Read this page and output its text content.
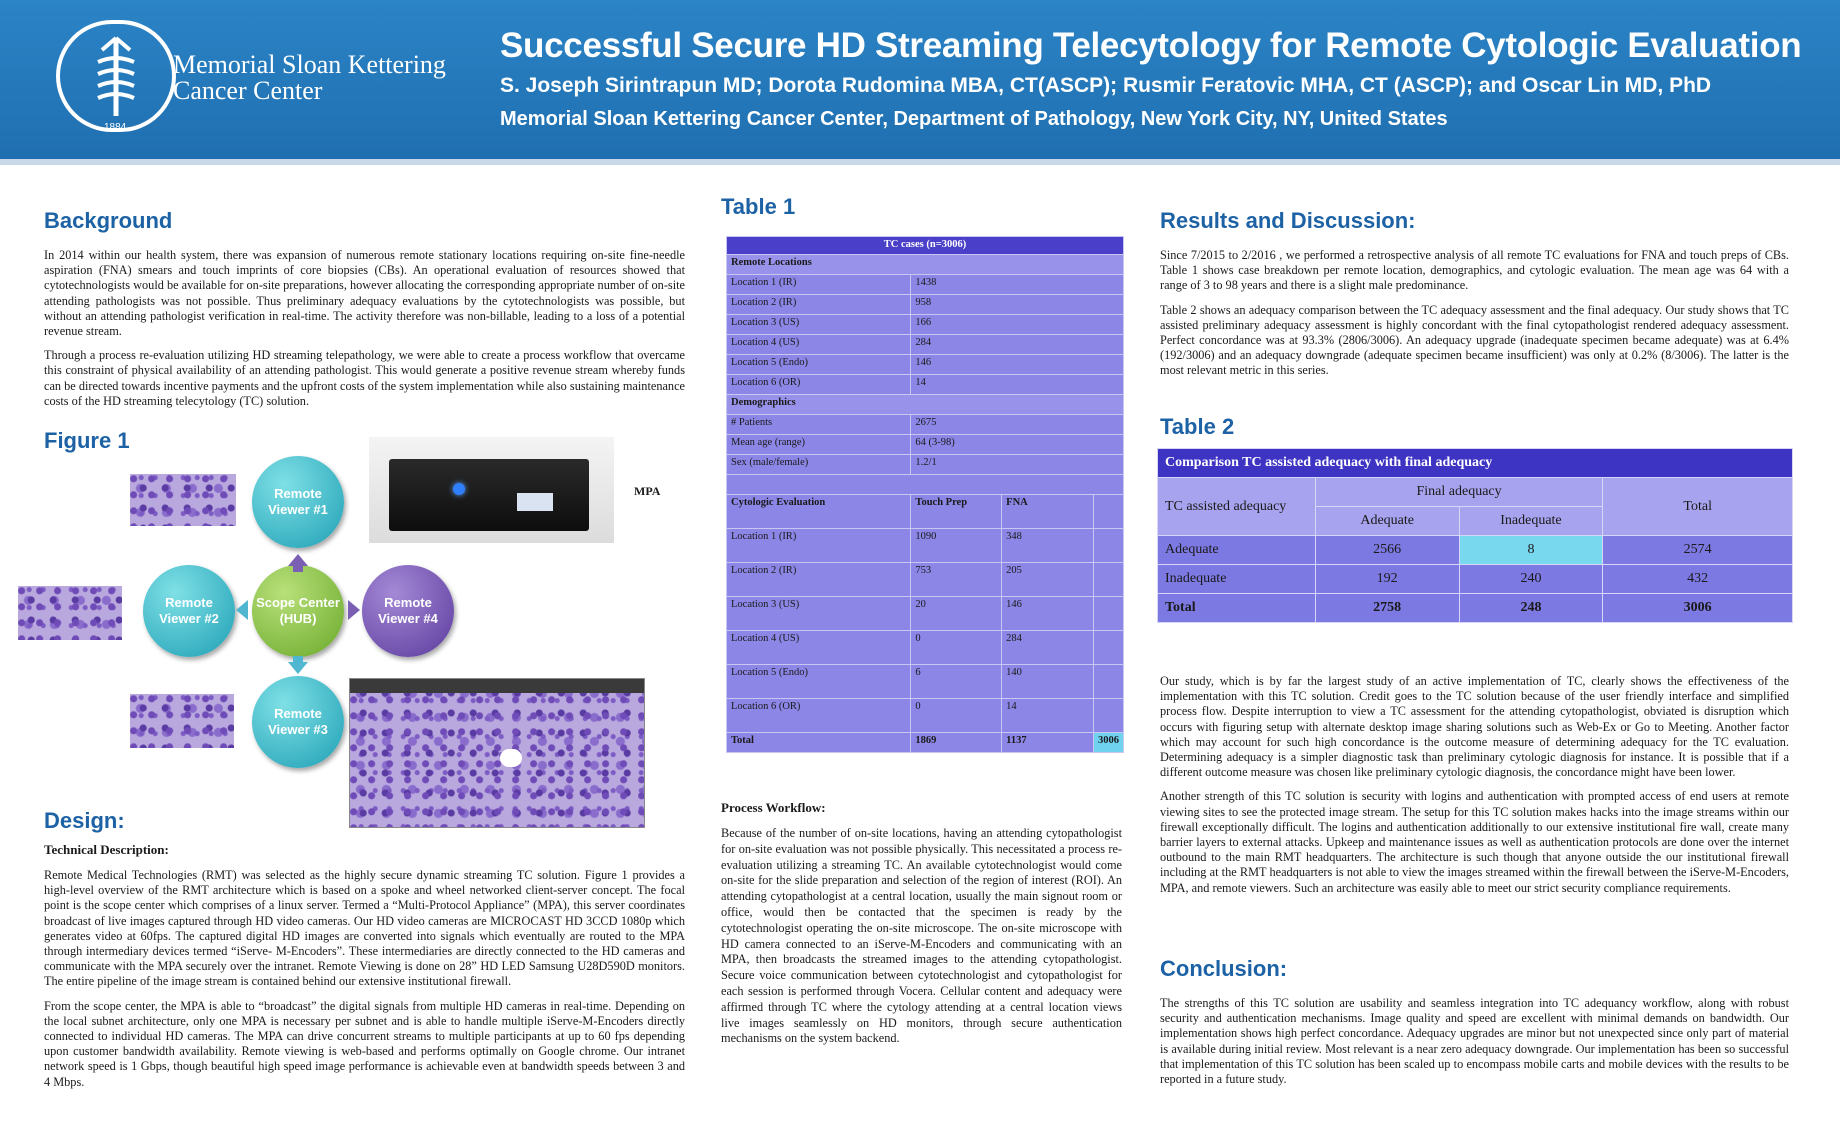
1884
Memorial Sloan Kettering
Cancer Center
Successful Secure HD Streaming Telecytology for Remote Cytologic Evaluation
S. Joseph Sirintrapun MD; Dorota Rudomina MBA, CT(ASCP); Rusmir Feratovic MHA, CT (ASCP); and Oscar Lin MD, PhD
Memorial Sloan Kettering Cancer Center, Department of Pathology, New York City, NY, United States
Background

In 2014 within our health system, there was expansion of numerous remote stationary locations requiring on-site fine-needle aspiration (FNA) smears and touch imprints of core biopsies (CBs). An operational evaluation of resources showed that cytotechnologists would be available for on-site preparations, however allocating the corresponding appropriate number of on-site attending pathologists was not possible. Thus preliminary adequacy evaluations by the cytotechnologists was possible, but without an attending pathologist verification in real-time. The activity therefore was non-billable, leading to a loss of a potential revenue stream.

Through a process re-evaluation utilizing HD streaming telepathology, we were able to create a process workflow that overcame this constraint of physical availability of an attending pathologist. This would generate a positive revenue stream whereby funds can be directed towards incentive payments and the upfront costs of the system implementation while also sustaining maintenance costs of the HD streaming telecytology (TC) solution.

Figure 1
MPA
Remote Viewer #1
Remote Viewer #2
Scope Center (HUB)
Remote Viewer #4
Remote Viewer #3
Design:
Technical Description:

Remote Medical Technologies (RMT) was selected as the highly secure dynamic streaming TC solution. Figure 1 provides a high-level overview of the RMT architecture which is based on a spoke and wheel networked client-server concept. The focal point is the scope center which comprises of a linux server. Termed a “Multi-Protocol Appliance” (MPA), this server coordinates broadcast of live images captured through HD video cameras. Our HD video cameras are MICROCAST HD 3CCD 1080p which generates video at 60fps. The captured digital HD images are converted into signals which eventually are routed to the MPA through intermediary devices termed “iServe- M-Encoders”. These intermediaries are directly connected to the HD cameras and communicate with the MPA securely over the intranet. Remote Viewing is done on 28” HD LED Samsung U28D590D monitors. The entire pipeline of the image stream is contained behind our extensive institutional firewall.

From the scope center, the MPA is able to “broadcast” the digital signals from multiple HD cameras in real-time. Depending on the local subnet architecture, only one MPA is necessary per subnet and is able to handle multiple iServe-M-Encoders directly connected to individual HD cameras. The MPA can drive concurrent streams to multiple participants at up to 60 fps depending upon customer bandwidth availability. Remote viewing is web-based and performs optimally on Google chrome. Our intranet network speed is 1 Gbps, though beautiful high speed image performance is achievable even at bandwidth speeds between 3 and 4 Mbps.

Table 1
TC cases (n=3006)			
Remote Locations			
Location 1 (IR)	1438		
Location 2 (IR)	958		
Location 3 (US)	166		
Location 4 (US)	284		
Location 5 (Endo)	146		
Location 6 (OR)	14		
Demographics			
# Patients	2675		
Mean age (range)	64 (3-98)		
Sex (male/female)	1.2/1		

Cytologic Evaluation	Touch Prep	FNA	
Location 1 (IR)	1090	348	
Location 2 (IR)	753	205	
Location 3 (US)	20	146	
Location 4 (US)	0	284	
Location 5 (Endo)	6	140	
Location 6 (OR)	0	14	
Total	1869	1137	3006
Process Workflow:
Because of the number of on-site locations, having an attending cytopathologist for on-site evaluation was not possible physically. This necessitated a process re-evaluation utilizing a streaming TC. An available cytotechnologist would come on-site for the slide preparation and selection of the region of interest (ROI). An attending cytopathologist at a central location, usually the main signout room or office, would then be contacted that the specimen is ready by the cytotechnologist operating the on-site microscope. The on-site microscope with HD camera connected to an iServe-M-Encoders and communicating with an MPA, then broadcasts the streamed images to the attending cytopathologist. Secure voice communication between cytotechnologist and cytopathologist for each session is performed through Vocera. Cellular content and adequacy were affirmed through TC where the cytology attending at a central location views live images seamlessly on HD monitors, through secure authentication mechanisms on the system backend.
Results and Discussion:

Since 7/2015 to 2/2016 , we performed a retrospective analysis of all remote TC evaluations for FNA and touch preps of CBs. Table 1 shows case breakdown per remote location, demographics, and cytologic evaluation. The mean age was 64 with a range of 3 to 98 years and there is a slight male predominance.

Table 2 shows an adequacy comparison between the TC adequacy assessment and the final adequacy. Our study shows that TC assisted preliminary adequacy assessment is highly concordant with the final cytopathologist rendered adequacy assessment. Perfect concordance was at 93.3% (2806/3006). An adequacy upgrade (inadequate specimen became adequate) was at 6.4% (192/3006) and an adequacy downgrade (adequate specimen became insufficient) was only at 0.2% (8/3006). The latter is the most relevant metric in this series.

Table 2
Comparison TC assisted adequacy with final adequacy			
TC assisted adequacy	Final adequacy		Total
	Adequate	Inadequate	
Adequate	2566	8	2574
Inadequate	192	240	432
Total	2758	248	3006

Our study, which is by far the largest study of an active implementation of TC, clearly shows the effectiveness of the implementation with this TC solution. Credit goes to the TC solution because of the user friendly interface and simplified process flow. Despite interruption to view a TC assessment for the attending cytopathologist, obviated is disruption which occurs with figuring setup with alternate desktop image sharing solutions such as Web-Ex or Go to Meeting. Another factor which may account for such high concordance is the outcome measure of determining adequacy for the TC evaluation. Determining adequacy is a simpler diagnostic task than preliminary cytologic diagnosis for instance. It is possible that if a different outcome measure was chosen like preliminary cytologic diagnosis, the concordance might have been lower.

Another strength of this TC solution is security with logins and authentication with prompted access of end users at remote viewing sites to see the protected image stream. The setup for this TC solution makes hacks into the image streams within our firewall exceptionally difficult. The logins and authentication additionally to our extensive institutional fire wall, create many barrier layers to external attacks. Upkeep and maintenance issues as well as authentication protocols are done over the internet outbound to the main RMT headquarters. The architecture is such though that anyone outside the our institutional firewall including at the RMT headquarters is not able to view the images streamed within the firewall between the iServe-M-Encoders, MPA, and remote viewers. Such an architecture was easily able to meet our strict security compliance requirements.

Conclusion:
The strengths of this TC solution are usability and seamless integration into TC adequancy workflow, along with robust security and authentication mechanisms. Image quality and speed are excellent with minimal demands on bandwidth. Our implementation shows high perfect concordance. Adequacy upgrades are minor but not unexpected since only part of material is available during initial review. Most relevant is a near zero adequacy downgrade. Our implementation has been so successful that implementation of this TC solution has been scaled up to encompass mobile carts and mobile devices with the results to be reported in a future study.
